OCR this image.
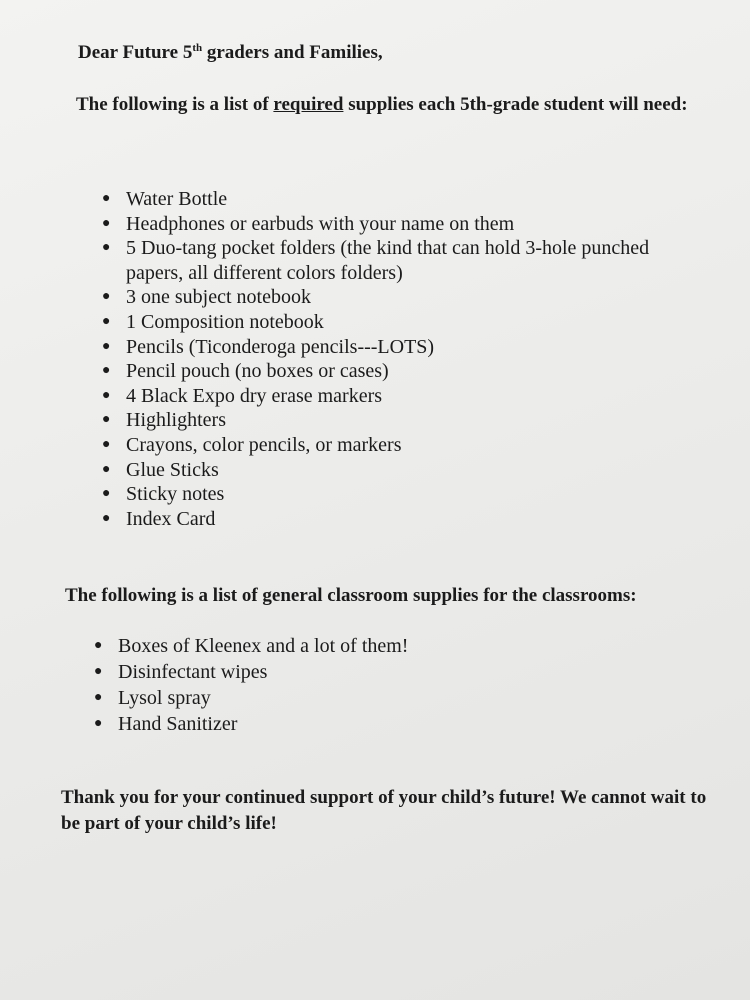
Dear Future 5th graders and Families,

The following is a list of required supplies each 5th-grade student will need:

● Water Bottle
● Headphones or earbuds with your name on them
● 5 Duo-tang pocket folders (the kind that can hold 3-hole punched papers, all different colors folders)
● 3 one subject notebook
● 1 Composition notebook
● Pencils (Ticonderoga pencils---LOTS)
● Pencil pouch (no boxes or cases)
● 4 Black Expo dry erase markers
● Highlighters
● Crayons, color pencils, or markers
● Glue Sticks
● Sticky notes
● Index Card

The following is a list of general classroom supplies for the classrooms:

● Boxes of Kleenex and a lot of them!
● Disinfectant wipes
● Lysol spray
● Hand Sanitizer

Thank you for your continued support of your child’s future! We cannot wait to be part of your child’s life!
